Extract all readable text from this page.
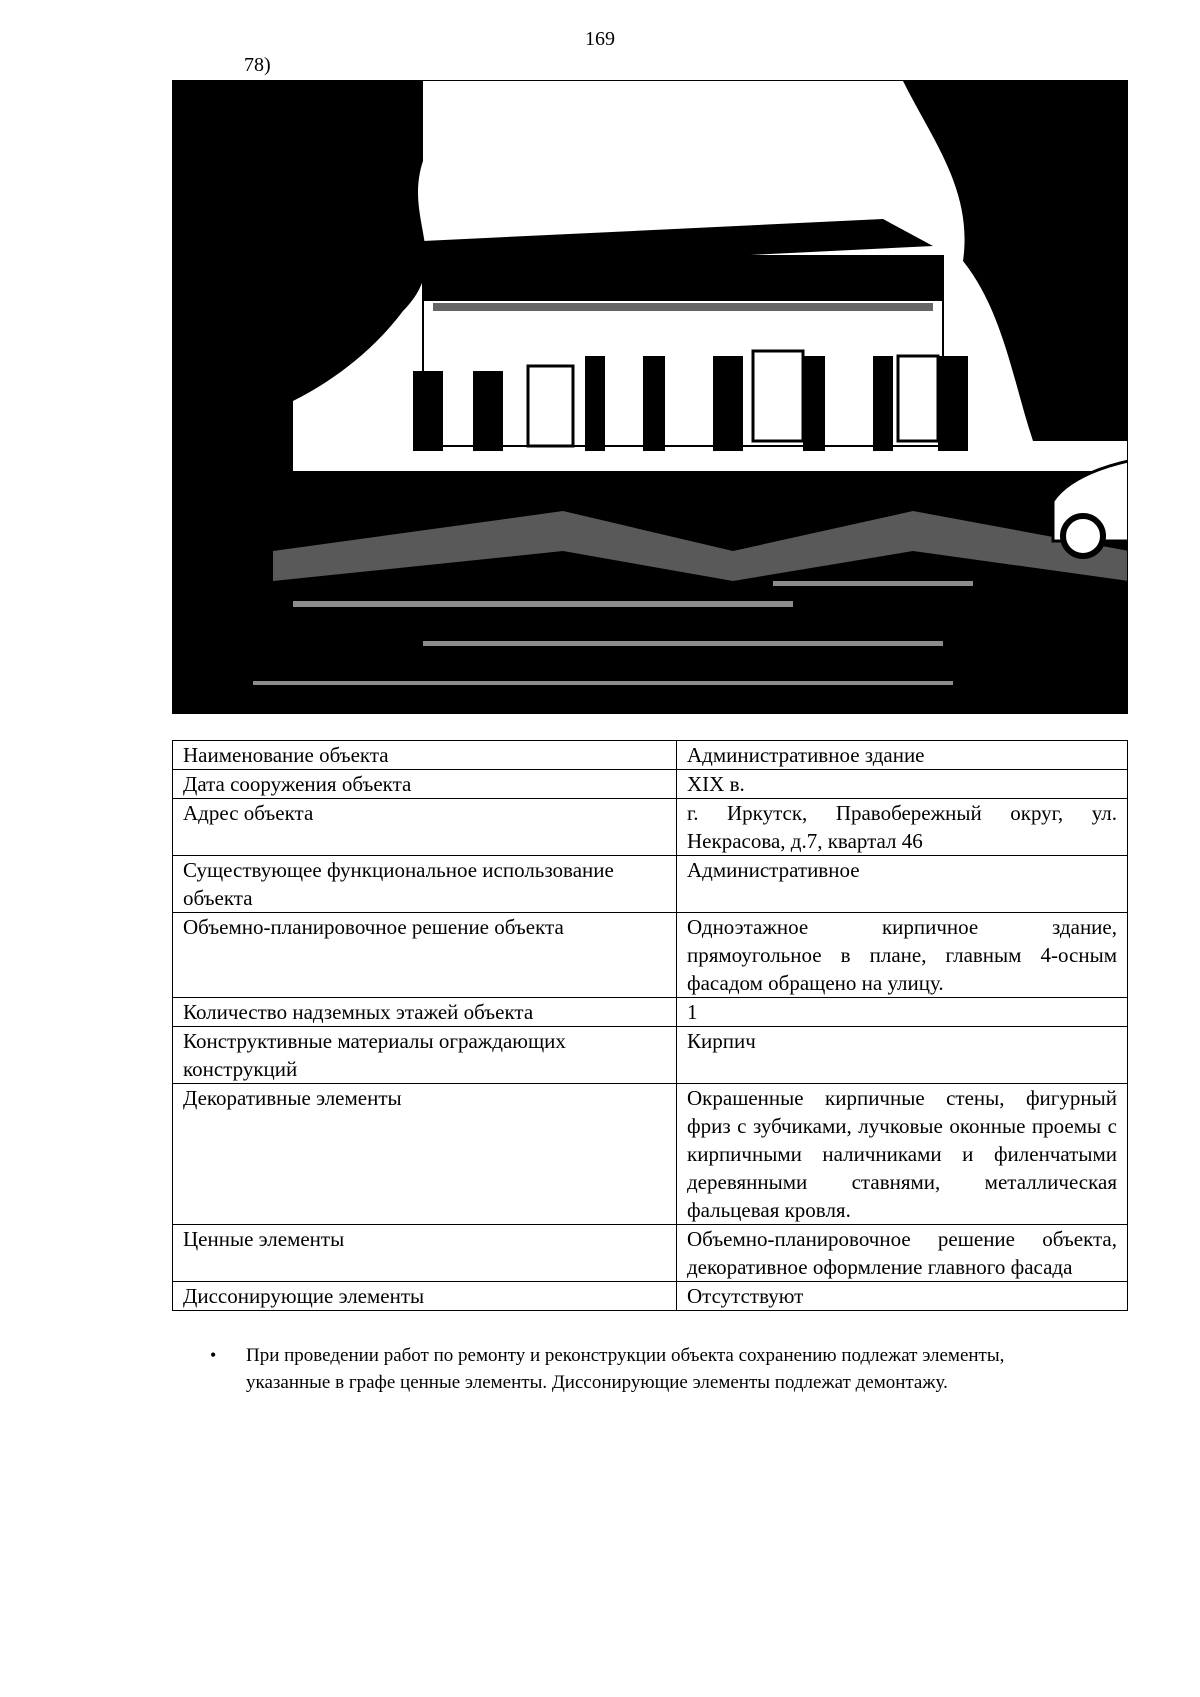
169
78)
Наименование объекта	Административное здание
Дата сооружения объекта	XIX в.
Адрес объекта	г. Иркутск, Правобережный округ, ул. Некрасова, д.7, квартал 46
Существующее функциональное использование объекта	Административное
Объемно-планировочное решение объекта	Одноэтажное кирпичное здание, прямоугольное в плане, главным 4-осным фасадом обращено на улицу.
Количество надземных этажей объекта	1
Конструктивные материалы ограждающих конструкций	Кирпич
Декоративные элементы	Окрашенные кирпичные стены, фигурный фриз с зубчиками, лучковые оконные проемы с кирпичными наличниками и филенчатыми деревянными ставнями, металлическая фальцевая кровля.
Ценные элементы	Объемно-планировочное решение объекта, декоративное оформление главного фасада
Диссонирующие элементы	Отсутствуют
• При проведении работ по ремонту и реконструкции объекта сохранению подлежат элементы, указанные в графе ценные элементы. Диссонирующие элементы подлежат демонтажу.
